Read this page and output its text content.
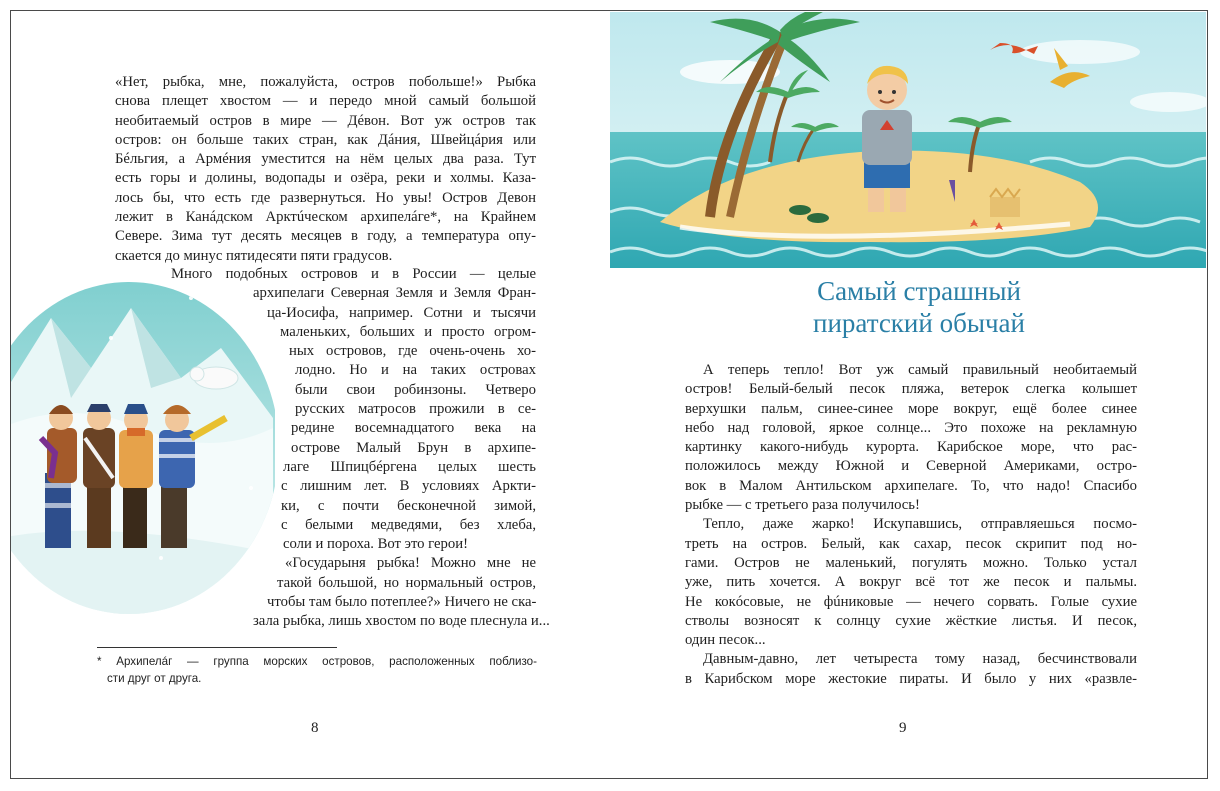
«Нет, рыбка, мне, пожалуйста, остров побольше!» Рыбка
снова плещет хвостом — и передо мной самый большой
необитаемый остров в мире — Дéвон. Вот уж остров так
остров: он больше таких стран, как Дáния, Швейцáрия или
Бéльгия, а Армéния уместится на нём целых два раза. Тут
есть горы и долины, водопады и озёра, реки и холмы. Каза-
лось бы, что есть где развернуться. Но увы! Остров Девон
лежит в Канáдском Арктúческом архипелáге*, на Крайнем
Севере. Зима тут десять месяцев в году, а температура опу-
скается до минус пятидесяти пяти градусов.
Много подобных островов и в России — целые
архипелаги Северная Земля и Земля Фран-
ца-Иосифа, например. Сотни и тысячи
маленьких, больших и просто огром-
ных островов, где очень-очень хо-
лодно. Но и на таких островах
были свои робинзоны. Четверо
русских матросов прожили в се-
редине восемнадцатого века на
острове Малый Брун в архипе-
лаге Шпицбéргена целых шесть
с лишним лет. В условиях Аркти-
ки, с почти бесконечной зимой,
с белыми медведями, без хлеба,
соли и пороха. Вот это герои!
«Государыня рыбка! Можно мне не
такой большой, но нормальный остров,
чтобы там было потеплее?» Ничего не ска-
зала рыбка, лишь хвостом по воде плеснула и...
* Архипелáг — группа морских островов, расположенных поблизо-
сти друг от друга.
8
Самый страшный
пиратский обычай
А теперь тепло! Вот уж самый правильный необитаемый
остров! Белый-белый песок пляжа, ветерок слегка колышет
верхушки пальм, синее-синее море вокруг, ещё более синее
небо над головой, яркое солнце... Это похоже на рекламную
картинку какого-нибудь курорта. Карибское море, что рас-
положилось между Южной и Северной Америками, остро-
вок в Малом Антильском архипелаге. То, что надо! Спасибо
рыбке — с третьего раза получилось!
Тепло, даже жарко! Искупавшись, отправляешься посмо-
треть на остров. Белый, как сахар, песок скрипит под но-
гами. Остров не маленький, погулять можно. Только устал
уже, пить хочется. А вокруг всё тот же песок и пальмы.
Не кокóсовые, не фúниковые — нечего сорвать. Голые сухие
стволы возносят к солнцу сухие жёсткие листья. И песок,
один песок...
Давным-давно, лет четыреста тому назад, бесчинствовали
в Карибском море жестокие пираты. И было у них «развле-
9
